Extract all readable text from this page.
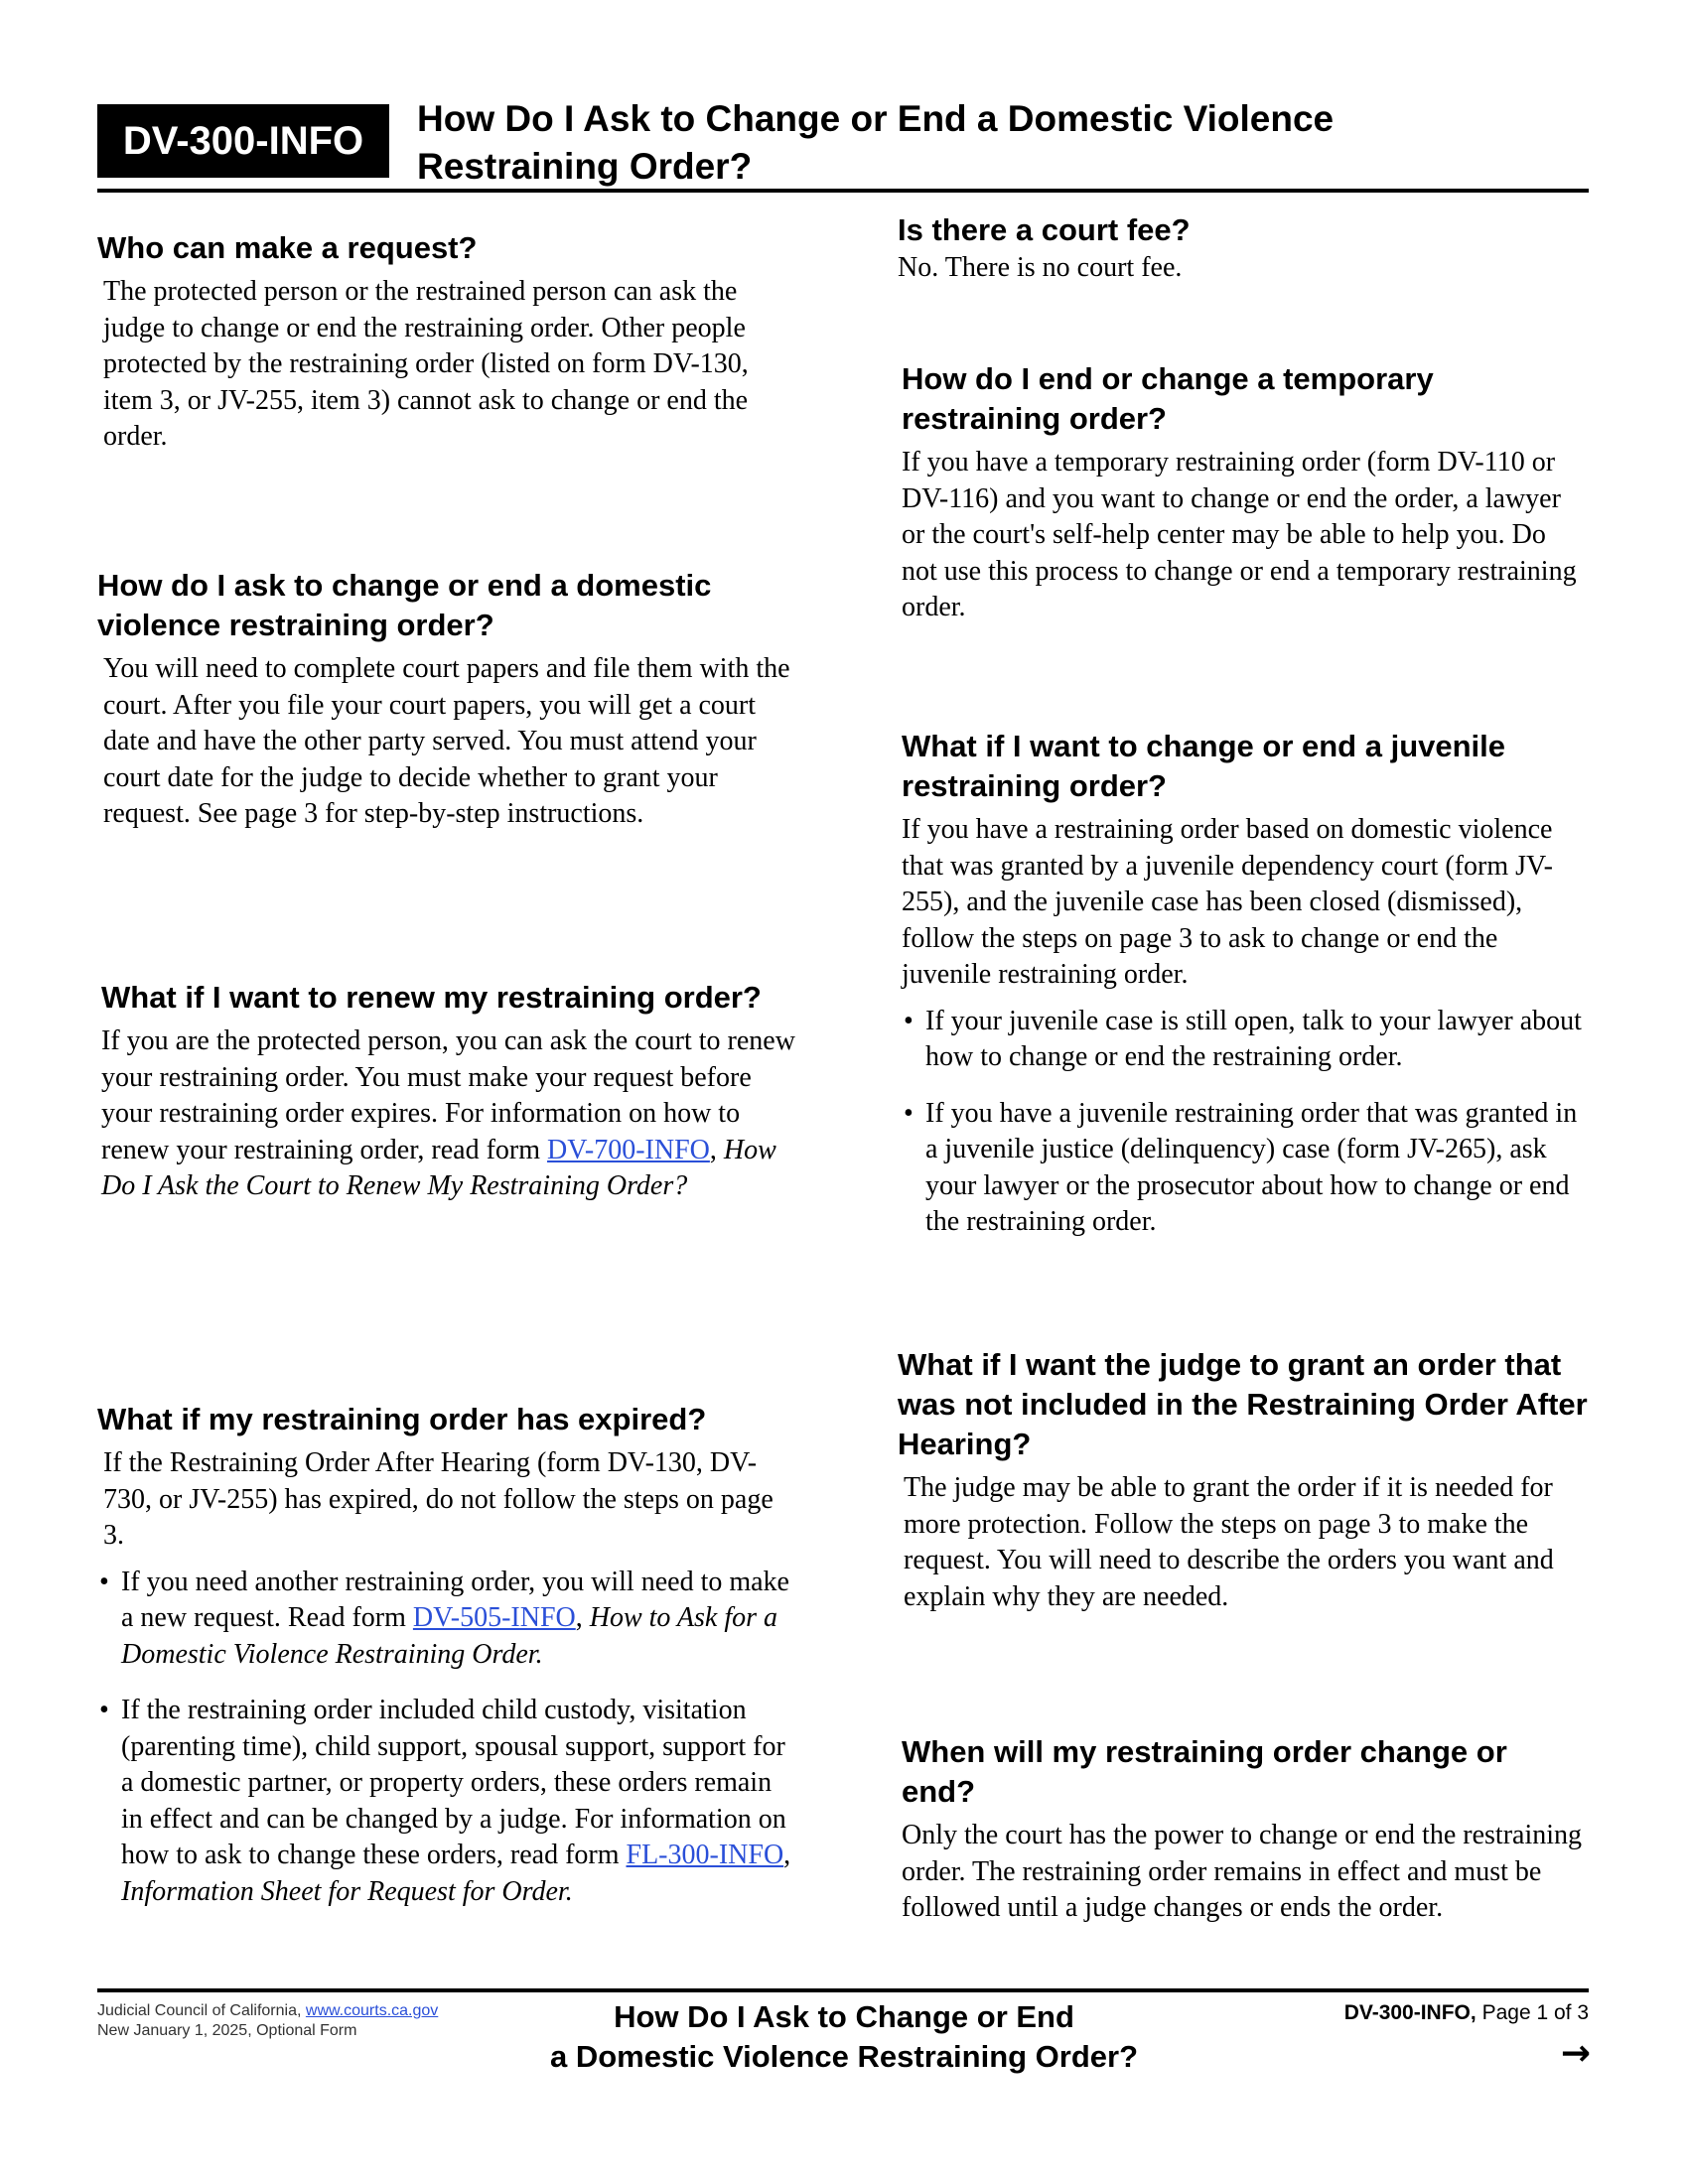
DV-300-INFO
How Do I Ask to Change or End a Domestic Violence
Restraining Order?
Who can make a request?

The protected person or the restrained person can ask the judge to change or end the restraining order. Other people protected by the restraining order (listed on form DV-130, item 3, or JV-255, item 3) cannot ask to change or end the order.

How do I ask to change or end a domestic violence restraining order?

You will need to complete court papers and file them with the court. After you file your court papers, you will get a court date and have the other party served. You must attend your court date for the judge to decide whether to grant your request. See page 3 for step-by-step instructions.

What if I want to renew my restraining order?

If you are the protected person, you can ask the court to renew your restraining order. You must make your request before your restraining order expires. For information on how to renew your restraining order, read form DV-700-INFO, How Do I Ask the Court to Renew My Restraining Order?

What if my restraining order has expired?

If the Restraining Order After Hearing (form DV-130, DV-730, or JV-255) has expired, do not follow the steps on page 3.

• If you need another restraining order, you will need to make a new request. Read form DV-505-INFO, How to Ask for a Domestic Violence Restraining Order.
• If the restraining order included child custody, visitation (parenting time), child support, spousal support, support for a domestic partner, or property orders, these orders remain in effect and can be changed by a judge. For information on how to ask to change these orders, read form FL-300-INFO, Information Sheet for Request for Order.
Is there a court fee?

No. There is no court fee.

How do I end or change a temporary restraining order?

If you have a temporary restraining order (form DV-110 or DV-116) and you want to change or end the order, a lawyer or the court's self-help center may be able to help you. Do not use this process to change or end a temporary restraining order.

What if I want to change or end a juvenile restraining order?

If you have a restraining order based on domestic violence that was granted by a juvenile dependency court (form JV-255), and the juvenile case has been closed (dismissed), follow the steps on page 3 to ask to change or end the juvenile restraining order.

• If your juvenile case is still open, talk to your lawyer about how to change or end the restraining order.
• If you have a juvenile restraining order that was granted in a juvenile justice (delinquency) case (form JV-265), ask your lawyer or the prosecutor about how to change or end the restraining order.
What if I want the judge to grant an order that was not included in the Restraining Order After Hearing?

The judge may be able to grant the order if it is needed for more protection. Follow the steps on page 3 to make the request. You will need to describe the orders you want and explain why they are needed.

When will my restraining order change or end?

Only the court has the power to change or end the restraining order. The restraining order remains in effect and must be followed until a judge changes or ends the order.

Judicial Council of California, www.courts.ca.gov
New January 1, 2025, Optional Form	How Do I Ask to Change or End
a Domestic Violence Restraining Order?
DV-300-INFO, Page 1 of 3
→
